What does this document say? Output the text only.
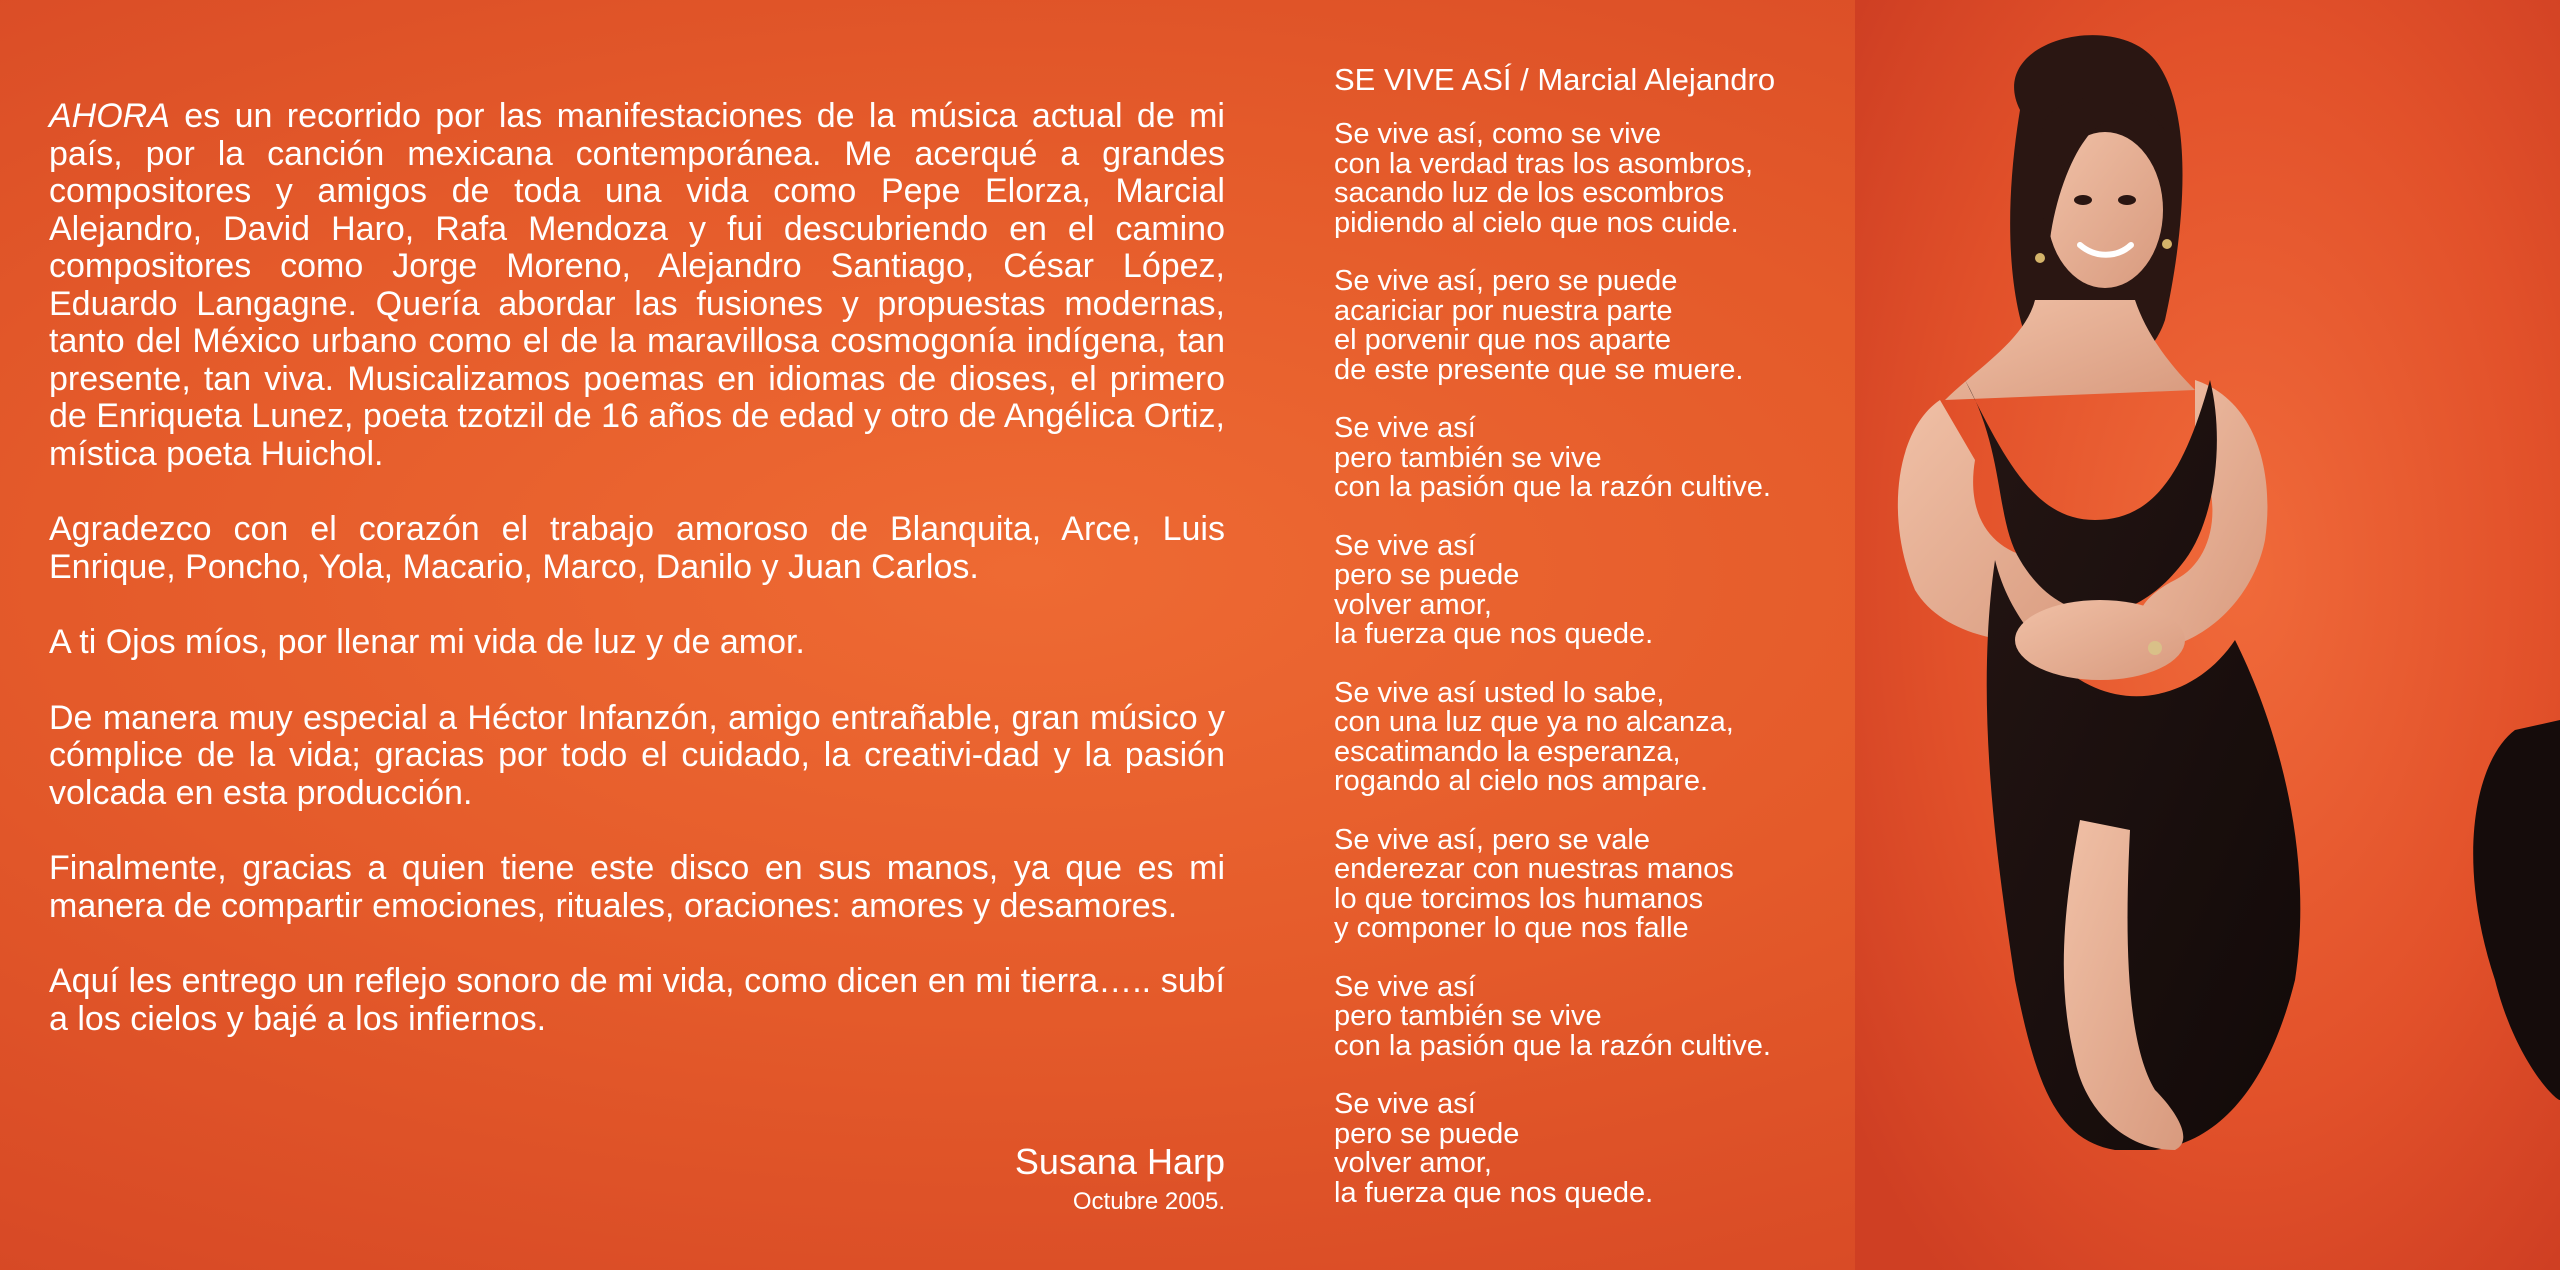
AHORA es un recorrido por las manifestaciones de la música actual de mi país, por la canción mexicana contemporánea. Me acerqué a grandes compositores y amigos de toda una vida como Pepe Elorza, Marcial Alejandro, David Haro, Rafa Mendoza y fui descubriendo en el camino compositores como Jorge Moreno, Alejandro Santiago, César López, Eduardo Langagne. Quería abordar las fusiones y propuestas modernas, tanto del México urbano como el de la maravillosa cosmogonía indígena, tan presente, tan viva. Musicalizamos poemas en idiomas de dioses, el primero de Enriqueta Lunez, poeta tzotzil de 16 años de edad y otro de Angélica Ortiz, mística poeta Huichol.

Agradezco con el corazón el trabajo amoroso de Blanquita, Arce, Luis Enrique, Poncho, Yola, Macario, Marco, Danilo y Juan Carlos.

A ti Ojos míos, por llenar mi vida de luz y de amor.

De manera muy especial a Héctor Infanzón, amigo entrañable, gran músico y cómplice de la vida; gracias por todo el cuidado, la creativi-dad y la pasión volcada en esta producción.

Finalmente, gracias a quien tiene este disco en sus manos, ya que es mi manera de compartir emociones, rituales, oraciones: amores y desamores.

Aquí les entrego un reflejo sonoro de mi vida, como dicen en mi tierra….. subí a los cielos y bajé a los infiernos.

Susana Harp
Octubre 2005.
SE VIVE ASÍ / Marcial Alejandro
Se vive así, como se vive
con la verdad tras los asombros,
sacando luz de los escombros
pidiendo al cielo que nos cuide.
Se vive así, pero se puede
acariciar por nuestra parte
el porvenir que nos aparte
de este presente que se muere.
Se vive así
pero también se vive
con la pasión que la razón cultive.
Se vive así
pero se puede
volver amor,
la fuerza que nos quede.
Se vive así usted lo sabe,
con una luz que ya no alcanza,
escatimando la esperanza,
rogando al cielo nos ampare.
Se vive así, pero se vale
enderezar con nuestras manos
lo que torcimos los humanos
y componer lo que nos falle
Se vive así
pero también se vive
con la pasión que la razón cultive.
Se vive así
pero se puede
volver amor,
la fuerza que nos quede.
